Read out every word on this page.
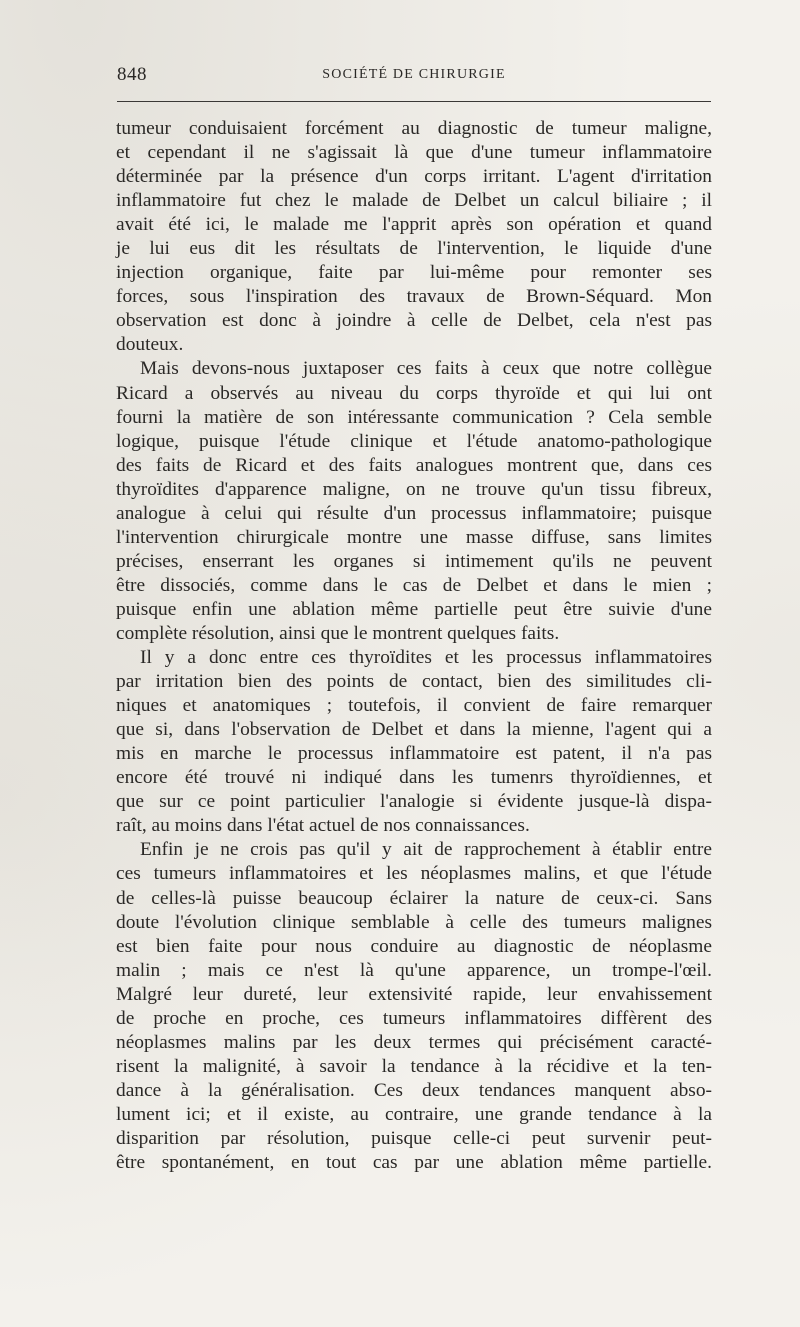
848	SOCIÉTÉ DE CHIRURGIE
tumeur conduisaient forcément au diagnostic de tumeur maligne,
et cependant il ne s'agissait là que d'une tumeur inflammatoire
déterminée par la présence d'un corps irritant. L'agent d'irritation
inflammatoire fut chez le malade de Delbet un calcul biliaire ; il
avait été ici, le malade me l'apprit après son opération et quand
je lui eus dit les résultats de l'intervention, le liquide d'une
injection organique, faite par lui-même pour remonter ses
forces, sous l'inspiration des travaux de Brown-Séquard. Mon
observation est donc à joindre à celle de Delbet, cela n'est pas
douteux.
Mais devons-nous juxtaposer ces faits à ceux que notre collègue
Ricard a observés au niveau du corps thyroïde et qui lui ont
fourni la matière de son intéressante communication ? Cela semble
logique, puisque l'étude clinique et l'étude anatomo-pathologique
des faits de Ricard et des faits analogues montrent que, dans ces
thyroïdites d'apparence maligne, on ne trouve qu'un tissu fibreux,
analogue à celui qui résulte d'un processus inflammatoire; puisque
l'intervention chirurgicale montre une masse diffuse, sans limites
précises, enserrant les organes si intimement qu'ils ne peuvent
être dissociés, comme dans le cas de Delbet et dans le mien ;
puisque enfin une ablation même partielle peut être suivie d'une
complète résolution, ainsi que le montrent quelques faits.
Il y a donc entre ces thyroïdites et les processus inflammatoires
par irritation bien des points de contact, bien des similitudes cli-
niques et anatomiques ; toutefois, il convient de faire remarquer
que si, dans l'observation de Delbet et dans la mienne, l'agent qui a
mis en marche le processus inflammatoire est patent, il n'a pas
encore été trouvé ni indiqué dans les tumenrs thyroïdiennes, et
que sur ce point particulier l'analogie si évidente jusque-là dispa-
raît, au moins dans l'état actuel de nos connaissances.
Enfin je ne crois pas qu'il y ait de rapprochement à établir entre
ces tumeurs inflammatoires et les néoplasmes malins, et que l'étude
de celles-là puisse beaucoup éclairer la nature de ceux-ci. Sans
doute l'évolution clinique semblable à celle des tumeurs malignes
est bien faite pour nous conduire au diagnostic de néoplasme
malin ; mais ce n'est là qu'une apparence, un trompe-l'œil.
Malgré leur dureté, leur extensivité rapide, leur envahissement
de proche en proche, ces tumeurs inflammatoires diffèrent des
néoplasmes malins par les deux termes qui précisément caracté-
risent la malignité, à savoir la tendance à la récidive et la ten-
dance à la généralisation. Ces deux tendances manquent abso-
lument ici; et il existe, au contraire, une grande tendance à la
disparition par résolution, puisque celle-ci peut survenir peut-
être spontanément, en tout cas par une ablation même partielle.
